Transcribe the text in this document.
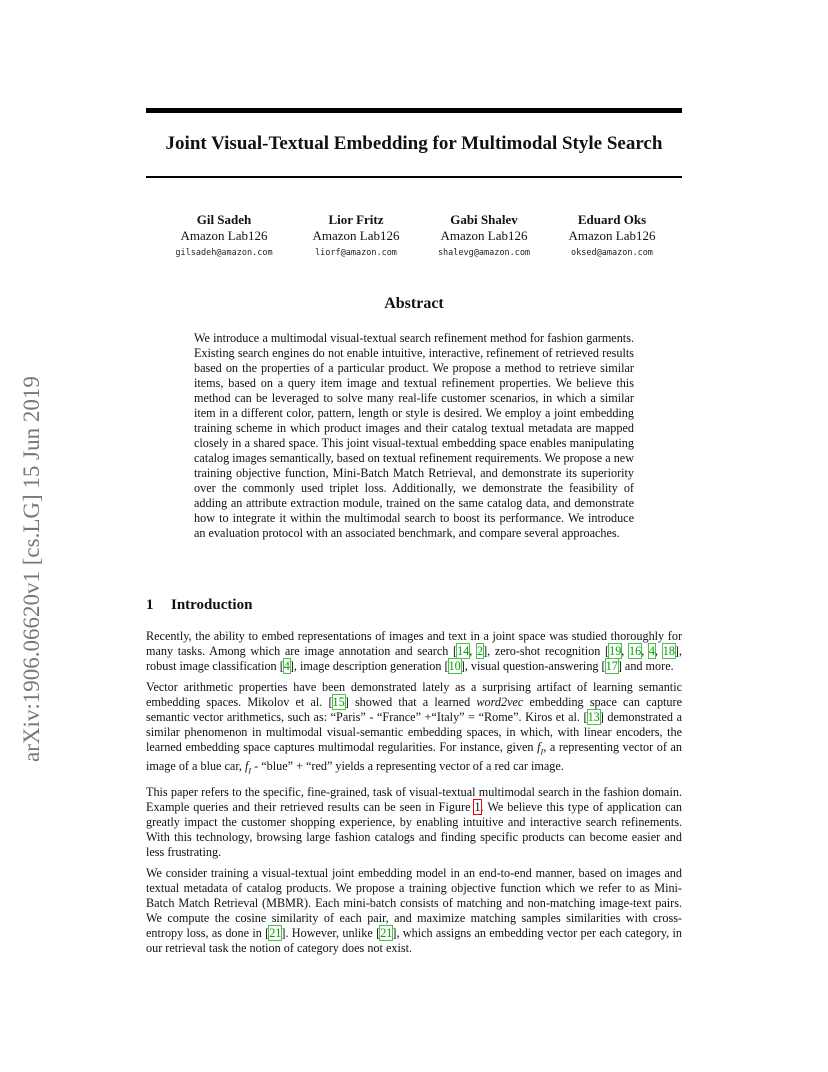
arXiv:1906.06620v1 [cs.LG] 15 Jun 2019
Joint Visual-Textual Embedding for Multimodal Style Search
Gil Sadeh
Amazon Lab126
gilsadeh@amazon.com
Lior Fritz
Amazon Lab126
liorf@amazon.com
Gabi Shalev
Amazon Lab126
shalevg@amazon.com
Eduard Oks
Amazon Lab126
oksed@amazon.com
Abstract
We introduce a multimodal visual-textual search refinement method for fashion garments. Existing search engines do not enable intuitive, interactive, refinement of retrieved results based on the properties of a particular product. We propose a method to retrieve similar items, based on a query item image and textual refinement properties. We believe this method can be leveraged to solve many real-life customer scenarios, in which a similar item in a different color, pattern, length or style is desired. We employ a joint embedding training scheme in which product images and their catalog textual metadata are mapped closely in a shared space. This joint visual-textual embedding space enables manipulating catalog images semantically, based on textual refinement requirements. We propose a new training objective function, Mini-Batch Match Retrieval, and demonstrate its superiority over the commonly used triplet loss. Additionally, we demonstrate the feasibility of adding an attribute extraction module, trained on the same catalog data, and demonstrate how to integrate it within the multimodal search to boost its performance. We introduce an evaluation protocol with an associated benchmark, and compare several approaches.
1 Introduction

Recently, the ability to embed representations of images and text in a joint space was studied thoroughly for many tasks. Among which are image annotation and search [14, 2], zero-shot recognition [19, 16, 4, 18], robust image classification [4], image description generation [10], visual question-answering [17] and more.

Vector arithmetic properties have been demonstrated lately as a surprising artifact of learning semantic embedding spaces. Mikolov et al. [15] showed that a learned word2vec embedding space can capture semantic vector arithmetics, such as: “Paris” - “France” +“Italy” = “Rome”. Kiros et al. [13] demonstrated a similar phenomenon in multimodal visual-semantic embedding spaces, in which, with linear encoders, the learned embedding space captures multimodal regularities. For instance, given $f_I$, a representing vector of an image of a blue car, $f_I$ - “blue” + “red” yields a representing vector of a red car image.

This paper refers to the specific, fine-grained, task of visual-textual multimodal search in the fashion domain. Example queries and their retrieved results can be seen in Figure 1. We believe this type of application can greatly impact the customer shopping experience, by enabling intuitive and interactive search refinements. With this technology, browsing large fashion catalogs and finding specific products can become easier and less frustrating.

We consider training a visual-textual joint embedding model in an end-to-end manner, based on images and textual metadata of catalog products. We propose a training objective function which we refer to as Mini-Batch Match Retrieval (MBMR). Each mini-batch consists of matching and non-matching image-text pairs. We compute the cosine similarity of each pair, and maximize matching samples similarities with cross-entropy loss, as done in [21]. However, unlike [21], which assigns an embedding vector per each category, in our retrieval task the notion of category does not exist.
